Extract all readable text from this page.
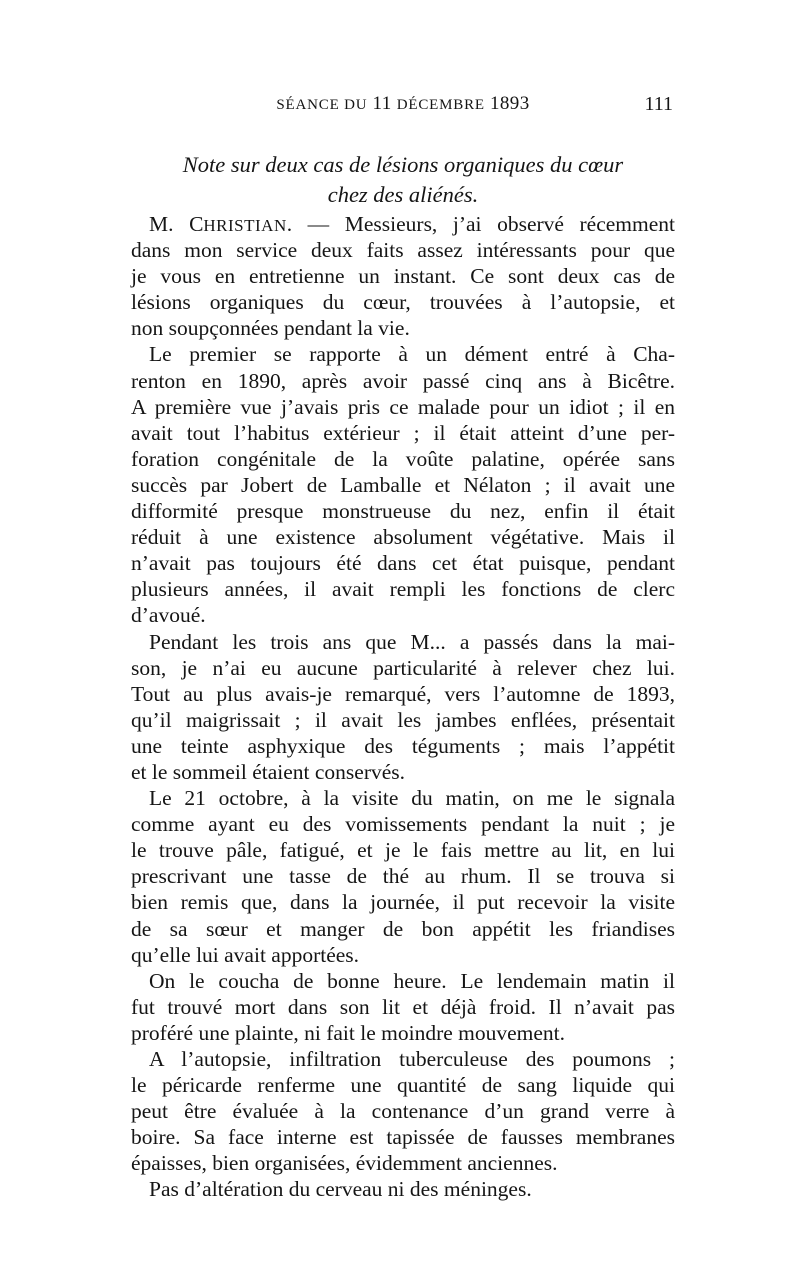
SÉANCE DU 11 DÉCEMBRE 1893	111
Note sur deux cas de lésions organiques du cœur
chez des aliénés.
M. CHRISTIAN. — Messieurs, j’ai observé récemment
dans mon service deux faits assez intéressants pour que
je vous en entretienne un instant. Ce sont deux cas de
lésions organiques du cœur, trouvées à l’autopsie, et
non soupçonnées pendant la vie.
Le premier se rapporte à un dément entré à Cha-
renton en 1890, après avoir passé cinq ans à Bicêtre.
A première vue j’avais pris ce malade pour un idiot ; il en
avait tout l’habitus extérieur ; il était atteint d’une per-
foration congénitale de la voûte palatine, opérée sans
succès par Jobert de Lamballe et Nélaton ; il avait une
difformité presque monstrueuse du nez, enfin il était
réduit à une existence absolument végétative. Mais il
n’avait pas toujours été dans cet état puisque, pendant
plusieurs années, il avait rempli les fonctions de clerc
d’avoué.
Pendant les trois ans que M... a passés dans la mai-
son, je n’ai eu aucune particularité à relever chez lui.
Tout au plus avais-je remarqué, vers l’automne de 1893,
qu’il maigrissait ; il avait les jambes enflées, présentait
une teinte asphyxique des téguments ; mais l’appétit
et le sommeil étaient conservés.
Le 21 octobre, à la visite du matin, on me le signala
comme ayant eu des vomissements pendant la nuit ; je
le trouve pâle, fatigué, et je le fais mettre au lit, en lui
prescrivant une tasse de thé au rhum. Il se trouva si
bien remis que, dans la journée, il put recevoir la visite
de sa sœur et manger de bon appétit les friandises
qu’elle lui avait apportées.
On le coucha de bonne heure. Le lendemain matin il
fut trouvé mort dans son lit et déjà froid. Il n’avait pas
proféré une plainte, ni fait le moindre mouvement.
A l’autopsie, infiltration tuberculeuse des poumons ;
le péricarde renferme une quantité de sang liquide qui
peut être évaluée à la contenance d’un grand verre à
boire. Sa face interne est tapissée de fausses membranes
épaisses, bien organisées, évidemment anciennes.
Pas d’altération du cerveau ni des méninges.
